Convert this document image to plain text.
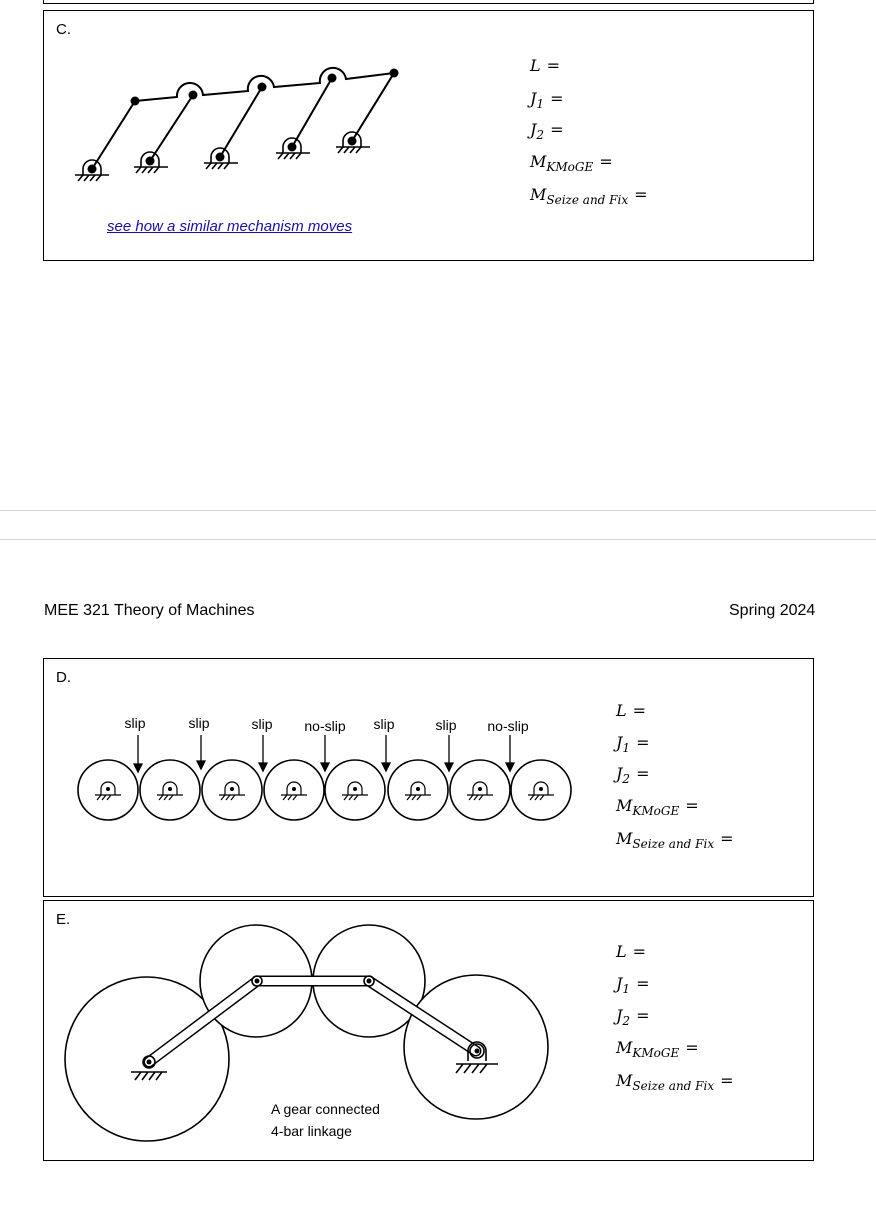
C.
see how a similar mechanism moves
L =
$J_1$ =
$J_2$ =
$M_{KMoGE}$ =
$M_{Seize and Fix}$ =
MEE 321 Theory of Machines	Spring 2024
D.
slip	slip	slip no-slip slip	slip no-slip
L =
$J_1$ =
$J_2$ =
$M_{KMoGE}$ =
$M_{Seize and Fix}$ =
E.
A gear connected
4-bar linkage
L =
$J_1$ =
$J_2$ =
$M_{KMoGE}$ =
$M_{Seize and Fix}$ =
